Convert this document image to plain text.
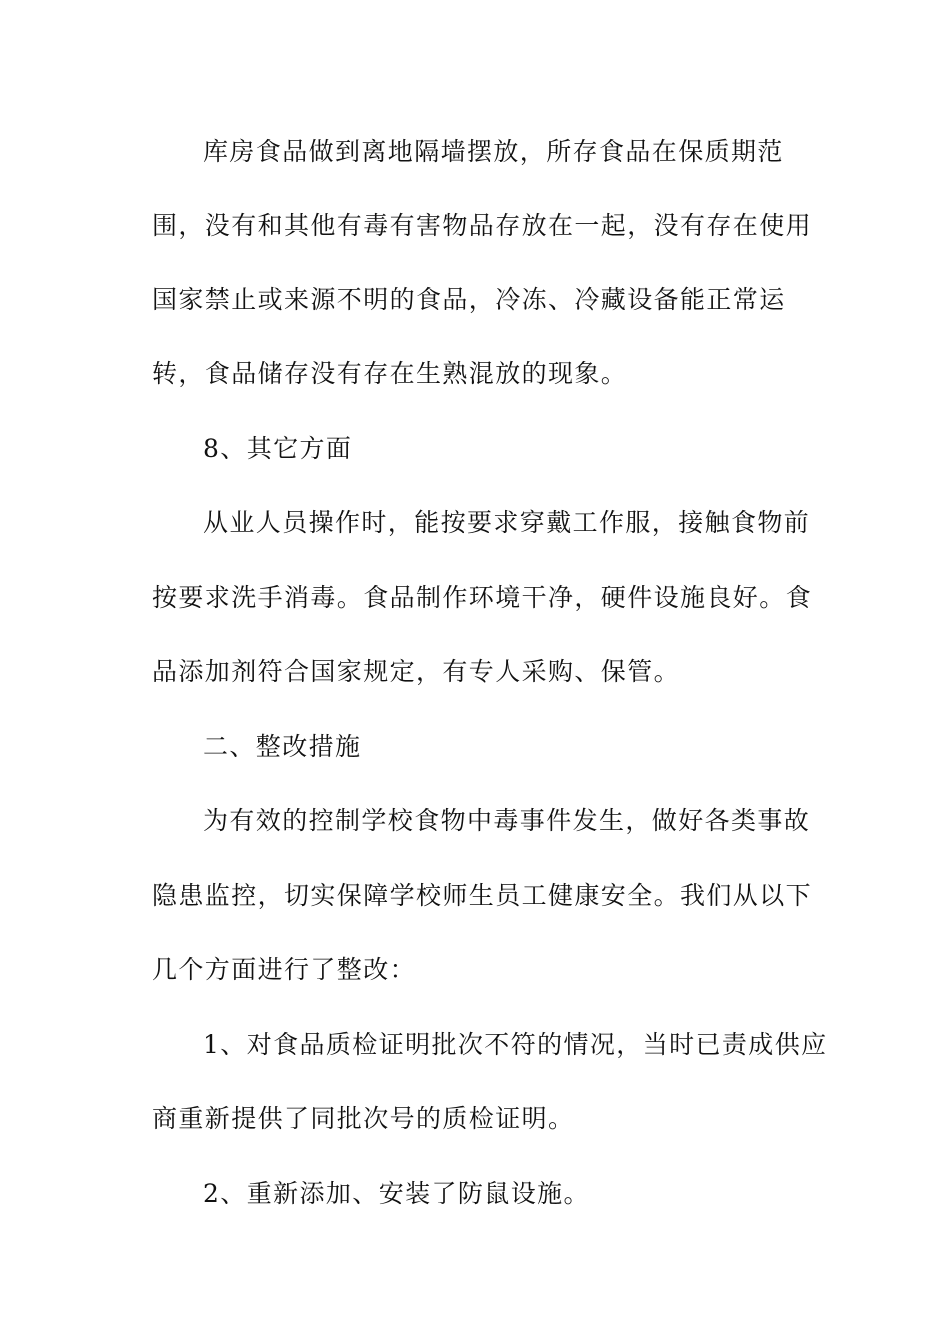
库房食品做到离地隔墙摆放，所存食品在保质期范
围，没有和其他有毒有害物品存放在一起，没有存在使用
国家禁止或来源不明的食品，冷冻、冷藏设备能正常运
转，食品储存没有存在生熟混放的现象。
8、其它方面
从业人员操作时，能按要求穿戴工作服，接触食物前
按要求洗手消毒。食品制作环境干净，硬件设施良好。食
品添加剂符合国家规定，有专人采购、保管。
二、整改措施
为有效的控制学校食物中毒事件发生，做好各类事故
隐患监控，切实保障学校师生员工健康安全。我们从以下
几个方面进行了整改：
1、对食品质检证明批次不符的情况，当时已责成供应
商重新提供了同批次号的质检证明。
2、重新添加、安装了防鼠设施。
